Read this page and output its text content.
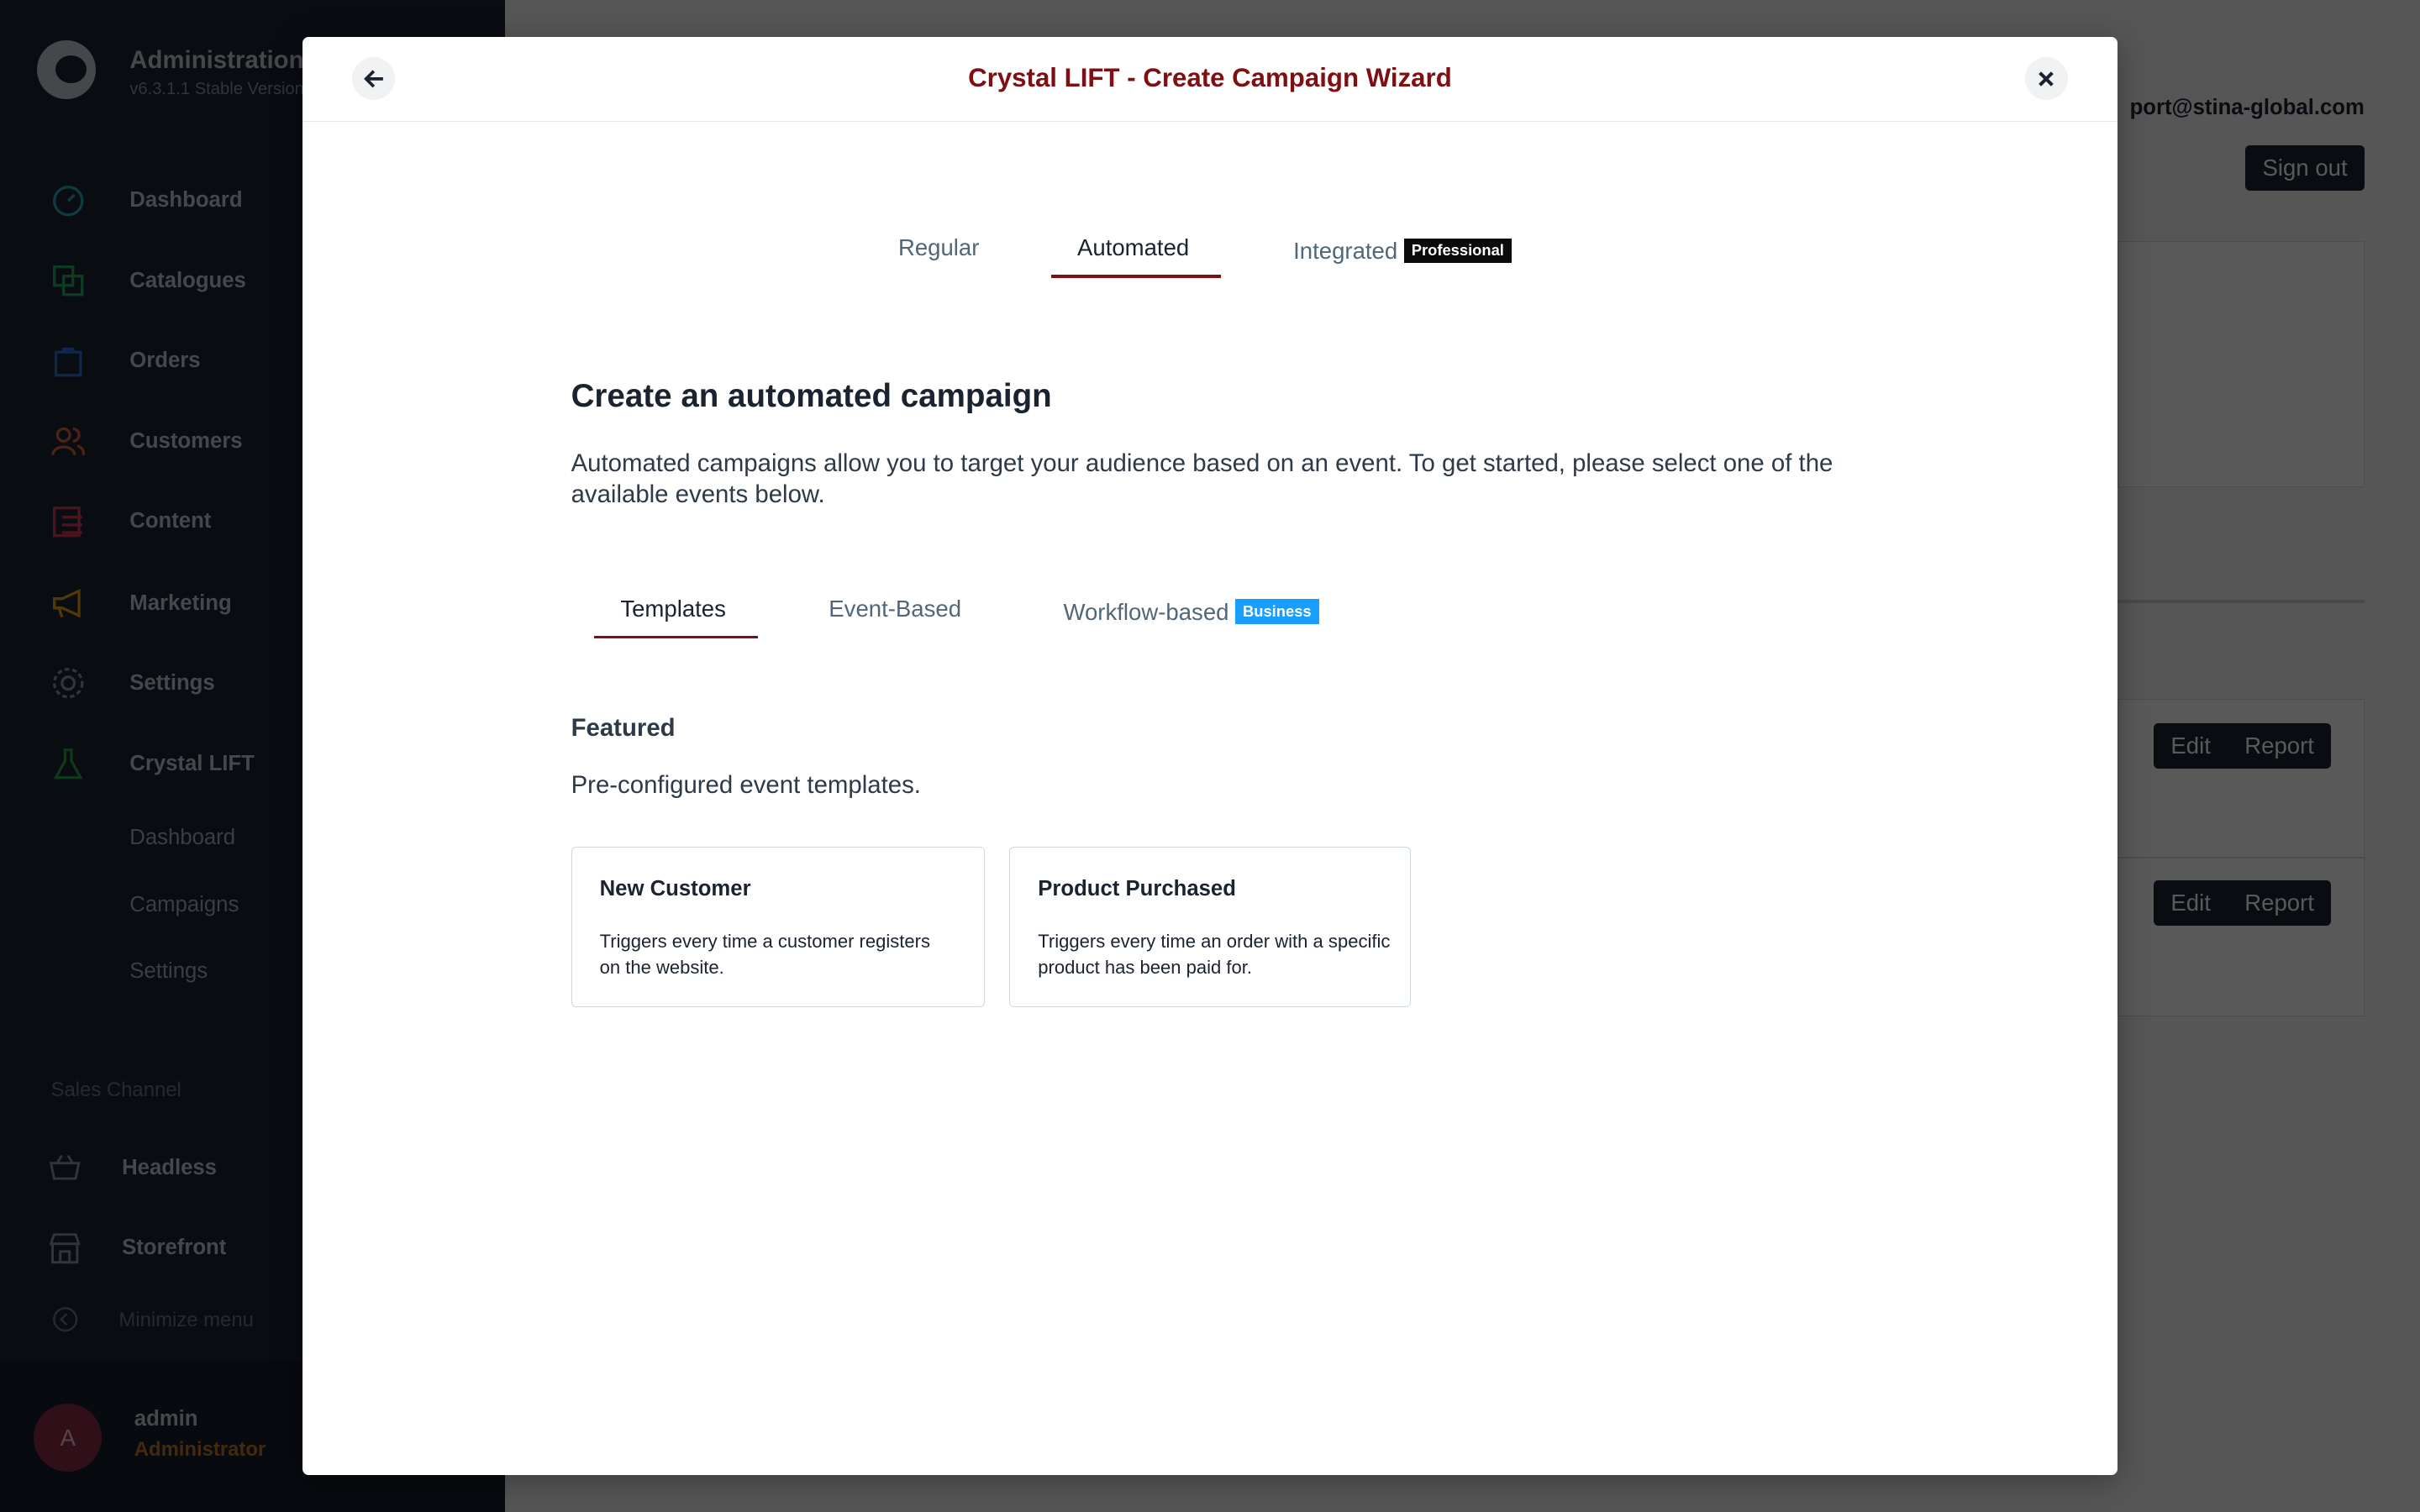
Crystal LIFT - Create Campaign Wizard
Regular	Automated	Integrated Professional
Create an automated campaign
Automated campaigns allow you to target your audience based on an event. To get started, please select one of the available events below.
Templates	Event-Based	Workflow-based Business
Featured
Pre-configured event templates.
New Customer
Triggers every time a customer registers on the website.
Product Purchased
Triggers every time an order with a specific product has been paid for.
